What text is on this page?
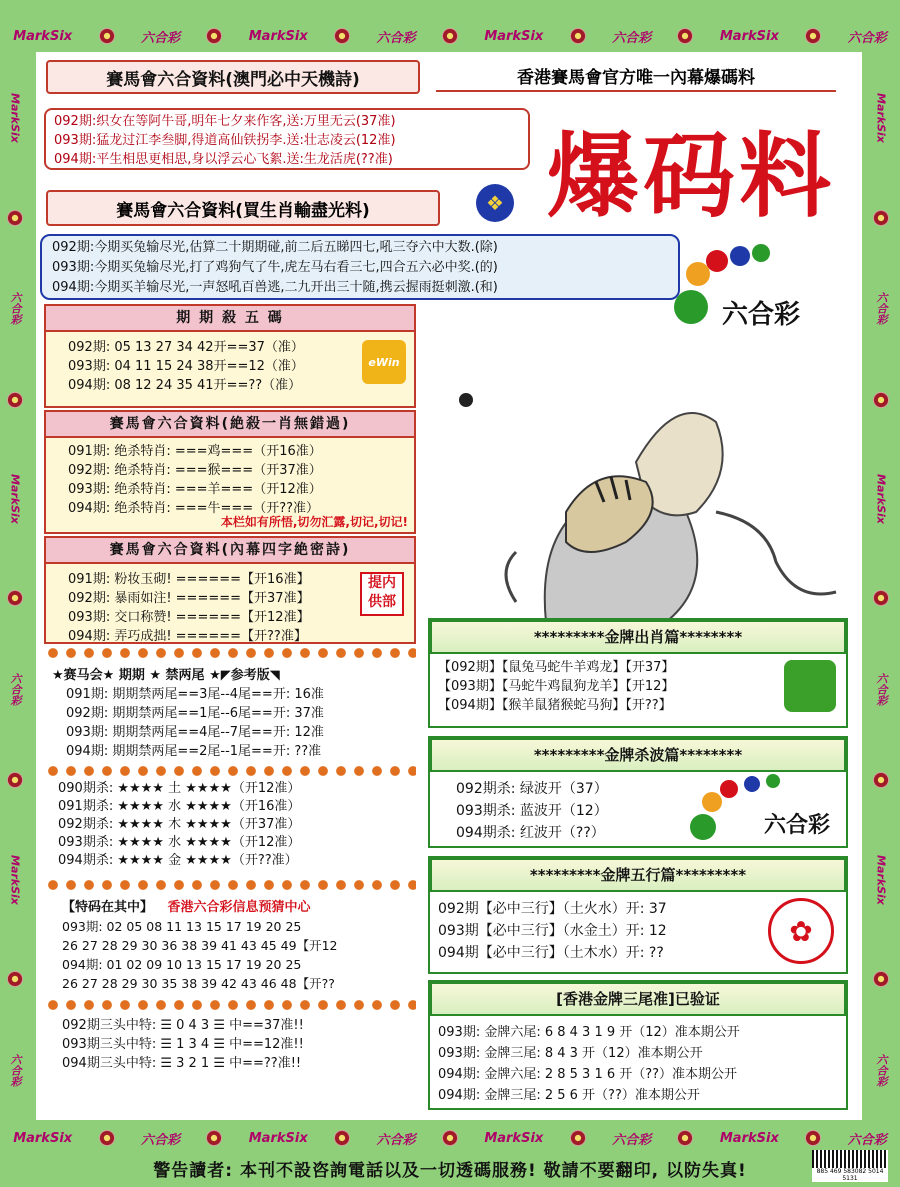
MarkSix	六合彩	MarkSix	六合彩	MarkSix	六合彩	MarkSix	六合彩
MarkSix	六合彩	MarkSix	六合彩	MarkSix	六合彩	MarkSix	六合彩
MarkSix
六合彩
MarkSix
六合彩
MarkSix
六合彩
MarkSix
六合彩
MarkSix
六合彩
MarkSix
六合彩
賽馬會六合資料(澳門必中天機詩)	香港賽馬會官方唯一內幕爆碼料
092期:织女在等阿牛哥,明年七夕来作客,送:万里无云(37准)
093期:猛龙过江李叁脚,得道高仙铁拐李.送:壮志凌云(12准)
094期:平生相思更相思,身以浮云心飞絮.送:生龙活虎(??准)
賽馬會六合資料(買生肖輸盡光料)	❖ 爆码料
092期:今期买兔输尽光,估算二十期期碰,前二后五睇四七,吼三夺六中大数.(除)
093期:今期买兔输尽光,打了鸡狗气了牛,虎左马右看三七,四合五六必中奖.(的)
094期:今期买羊输尽光,一声怒吼百兽逃,二九开出三十随,携云握雨挺刺激.(和)
六合彩
期 期 殺 五 碼
092期: 05 13 27 34 42开==37（准）
093期: 04 11 15 24 38开==12（准）
094期: 08 12 24 35 41开==??（准）
eWin
賽馬會六合資料(絶殺一肖無錯過)
091期: 绝杀特肖: ===鸡===（开16准）
092期: 绝杀特肖: ===猴===（开37准）
093期: 绝杀特肖: ===羊===（开12准）
094期: 绝杀特肖: ===牛===（开??准）
本栏如有所悟,切勿汇露,切记,切记!
賽馬會六合資料(內幕四字絶密詩)
091期: 粉妆玉砌! ======【开16准】
092期: 暴雨如注! ======【开37准】
093期: 交口称赞! ======【开12准】
094期: 弄巧成拙! ======【开??准】
提内供部
★赛马会★ 期期 ★ 禁两尾 ★◤参考版◥
091期: 期期禁两尾==3尾--4尾==开: 16准
092期: 期期禁两尾==1尾--6尾==开: 37准
093期: 期期禁两尾==4尾--7尾==开: 12准
094期: 期期禁两尾==2尾--1尾==开: ??准
090期杀: ★★★★ 土 ★★★★（开12准）
091期杀: ★★★★ 水 ★★★★（开16准）
092期杀: ★★★★ 木 ★★★★（开37准）
093期杀: ★★★★ 水 ★★★★（开12准）
094期杀: ★★★★ 金 ★★★★（开??准）
【特码在其中】 香港六合彩信息预猜中心
093期: 02 05 08 11 13 15 17 19 20 25
26 27 28 29 30 36 38 39 41 43 45 49【开12
094期: 01 02 09 10 13 15 17 19 20 25
26 27 28 29 30 35 38 39 42 43 46 48【开??
092期三头中特: ☰ 0 4 3 ☰ 中==37准!!
093期三头中特: ☰ 1 3 4 ☰ 中==12准!!
094期三头中特: ☰ 3 2 1 ☰ 中==??准!!
*********金牌出肖篇********
【092期】【鼠兔马蛇牛羊鸡龙】【开37】
【093期】【马蛇牛鸡鼠狗龙羊】【开12】
【094期】【猴羊鼠猪猴蛇马狗】【开??】
*********金牌杀波篇********
092期杀: 绿波开（37）
093期杀: 蓝波开（12）
094期杀: 红波开（??）	六合彩
*********金牌五行篇*********
092期【必中三行】（土火水）开: 37
093期【必中三行】（水金土）开: 12
094期【必中三行】（土木水）开: ??
✿
[香港金牌三尾准]已验证
093期: 金牌六尾: 6 8 4 3 1 9 开（12）准本期公开
093期: 金牌三尾: 8 4 3 开（12）准本期公开
094期: 金牌六尾: 2 8 5 3 1 6 开（??）准本期公开
094期: 金牌三尾: 2 5 6 开（??）准本期公开
警告讀者: 本刊不設咨詢電話以及一切透碼服務! 敬請不要翻印, 以防失真!	885 469 583082 5014 5131
